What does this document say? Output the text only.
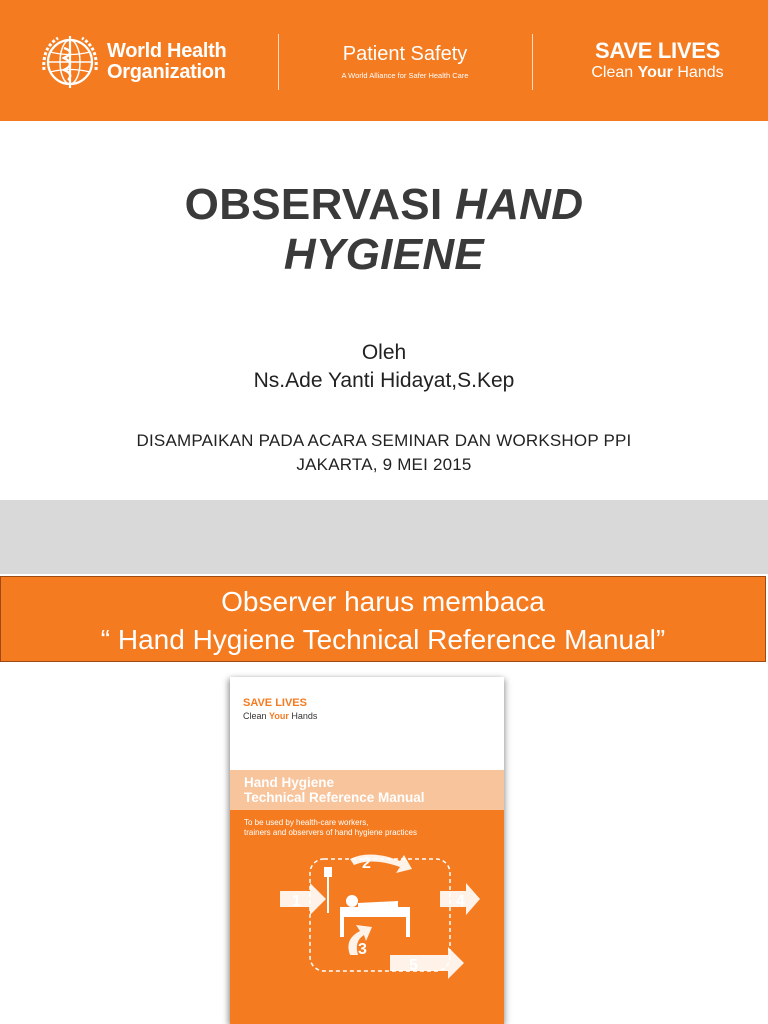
World Health
Organization
Patient Safety
A World Alliance for Safer Health Care
SAVE LIVES
Clean Your Hands
OBSERVASI HAND
HYGIENE
Oleh
Ns.Ade Yanti Hidayat,S.Kep
DISAMPAIKAN PADA ACARA SEMINAR DAN WORKSHOP PPI
JAKARTA, 9 MEI 2015
Observer harus membaca
“ Hand Hygiene Technical Reference Manual”
SAVE LIVES
Clean Your Hands
Hand Hygiene
Technical Reference Manual
To be used by health-care workers,
trainers and observers of hand hygiene practices
1
2
3
4
5
